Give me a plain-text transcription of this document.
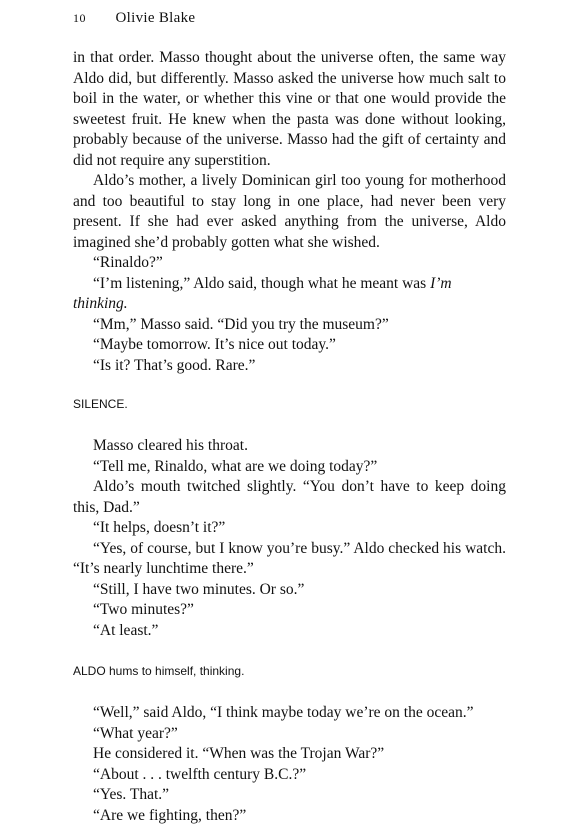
10 Olivie Blake

in that order. Masso thought about the universe often, the same way Aldo did, but differently. Masso asked the universe how much salt to boil in the water, or whether this vine or that one would provide the sweetest fruit. He knew when the pasta was done without looking, probably because of the universe. Masso had the gift of certainty and did not require any superstition.

Aldo’s mother, a lively Dominican girl too young for motherhood and too beautiful to stay long in one place, had never been very present. If she had ever asked anything from the universe, Aldo imagined she’d probably gotten what she wished.

“Rinaldo?”

“I’m listening,” Aldo said, though what he meant was I’m thinking.

“Mm,” Masso said. “Did you try the museum?”

“Maybe tomorrow. It’s nice out today.”

“Is it? That’s good. Rare.”

SILENCE.

Masso cleared his throat.

“Tell me, Rinaldo, what are we doing today?”

Aldo’s mouth twitched slightly. “You don’t have to keep doing this, Dad.”

“It helps, doesn’t it?”

“Yes, of course, but I know you’re busy.” Aldo checked his watch. “It’s nearly lunchtime there.”

“Still, I have two minutes. Or so.”

“Two minutes?”

“At least.”

ALDO hums to himself, thinking.

“Well,” said Aldo, “I think maybe today we’re on the ocean.”

“What year?”

He considered it. “When was the Trojan War?”

“About . . . twelfth century B.C.?”

“Yes. That.”

“Are we fighting, then?”
